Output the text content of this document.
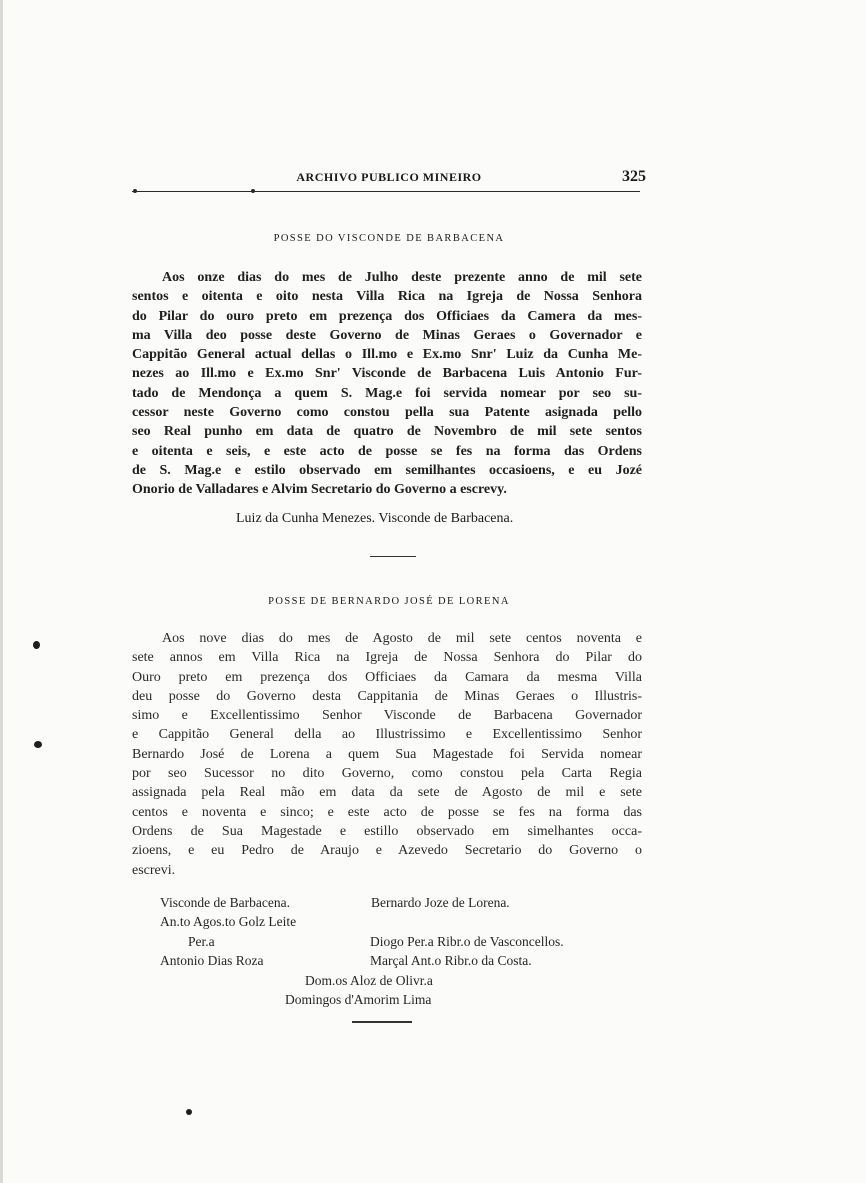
ARCHIVO PUBLICO MINEIRO	325
POSSE DO VISCONDE DE BARBACENA
Aos onze dias do mes de Julho deste prezente anno de mil sete
sentos e oitenta e oito nesta Villa Rica na Igreja de Nossa Senhora
do Pilar do ouro preto em prezença dos Officiaes da Camera da mes-
ma Villa deo posse deste Governo de Minas Geraes o Governador e
Cappitão General actual dellas o Ill.mo e Ex.mo Snr' Luiz da Cunha Me-
nezes ao Ill.mo e Ex.mo Snr' Visconde de Barbacena Luis Antonio Fur-
tado de Mendonça a quem S. Mag.e foi servida nomear por seo su-
cessor neste Governo como constou pella sua Patente asignada pello
seo Real punho em data de quatro de Novembro de mil sete sentos
e oitenta e seis, e este acto de posse se fes na forma das Ordens
de S. Mag.e e estilo observado em semilhantes occasioens, e eu Jozé
Onorio de Valladares e Alvim Secretario do Governo a escrevy.
Luiz da Cunha Menezes. Visconde de Barbacena.
POSSE DE BERNARDO JOSÉ DE LORENA
Aos nove dias do mes de Agosto de mil sete centos noventa e
sete annos em Villa Rica na Igreja de Nossa Senhora do Pilar do
Ouro preto em prezença dos Officiaes da Camara da mesma Villa
deu posse do Governo desta Cappitania de Minas Geraes o Illustris-
simo e Excellentissimo Senhor Visconde de Barbacena Governador
e Cappitão General della ao Illustrissimo e Excellentissimo Senhor
Bernardo José de Lorena a quem Sua Magestade foi Servida nomear
por seo Sucessor no dito Governo, como constou pela Carta Regia
assignada pela Real mão em data da sete de Agosto de mil e sete
centos e noventa e sinco; e este acto de posse se fes na forma das
Ordens de Sua Magestade e estillo observado em simelhantes occa-
zioens, e eu Pedro de Araujo e Azevedo Secretario do Governo o
escrevi.
Visconde de Barbacena.	Bernardo Joze de Lorena.
An.to Agos.to Golz Leite
Per.a	Diogo Per.a Ribr.o de Vasconcellos.
Antonio Dias Roza	Marçal Ant.o Ribr.o da Costa.
Dom.os Aloz de Olivr.a
Domingos d'Amorim Lima
